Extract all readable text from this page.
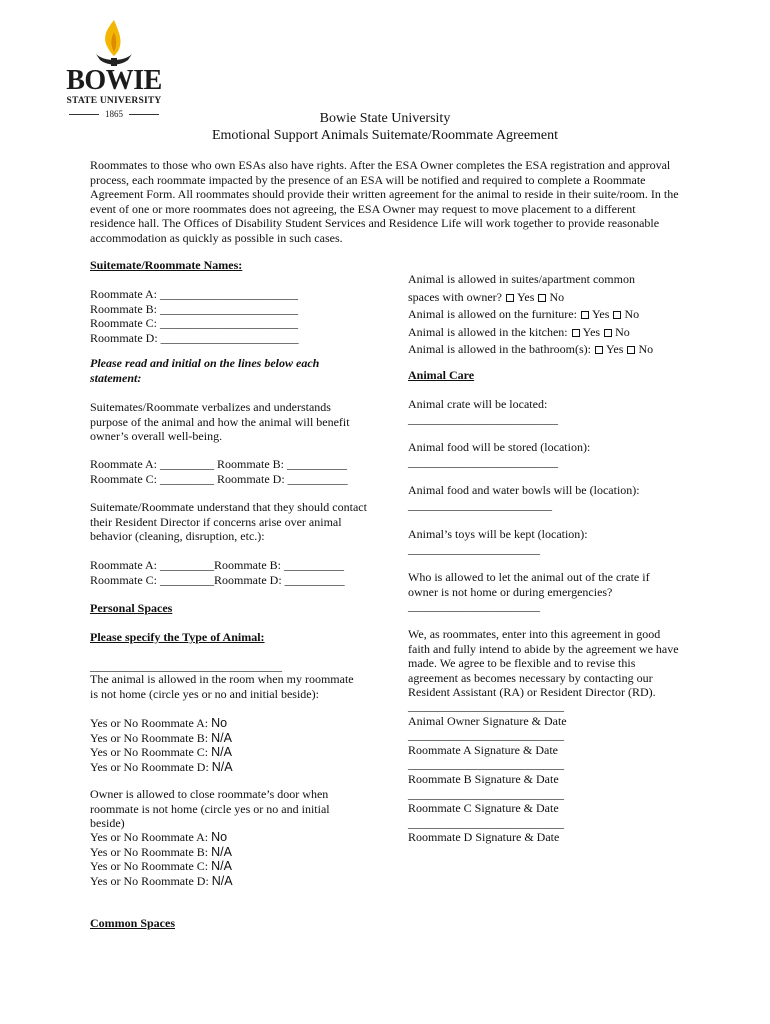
BOWIE
STATE UNIVERSITY
1865	Bowie State University
Emotional Support Animals Suitemate/Roommate Agreement
Roommates to those who own ESAs also have rights. After the ESA Owner completes the ESA registration and approval process, each roommate impacted by the presence of an ESA will be notified and required to complete a Roommate Agreement Form. All roommates should provide their written agreement for the animal to reside in their suite/room. In the event of one or more roommates does not agreeing, the ESA Owner may request to move placement to a different residence hall. The Offices of Disability Student Services and Residence Life will work together to provide reasonable accommodation as quickly as possible in such cases.
Suitemate/Roommate Names:
Roommate A: _______________________
Roommate B: _______________________
Roommate C: _______________________
Roommate D: _______________________
Please read and initial on the lines below each statement:
Suitemates/Roommate verbalizes and understands purpose of the animal and how the animal will benefit owner’s overall well-being.
Roommate A: _________ Roommate B: __________
Roommate C: _________ Roommate D: __________
Suitemate/Roommate understand that they should contact their Resident Director if concerns arise over animal behavior (cleaning, disruption, etc.):
Roommate A: _________Roommate B: __________
Roommate C: _________Roommate D: __________
Personal Spaces
Please specify the Type of Animal:
________________________________
The animal is allowed in the room when my roommate is not home (circle yes or no and initial beside):
Yes or No Roommate A: No
Yes or No Roommate B: N/A
Yes or No Roommate C: N/A
Yes or No Roommate D: N/A
Owner is allowed to close roommate’s door when roommate is not home (circle yes or no and initial beside)
Yes or No Roommate A: No
Yes or No Roommate B: N/A
Yes or No Roommate C: N/A
Yes or No Roommate D: N/A
Common Spaces
Animal is allowed in suites/apartment common
spaces with owner? Yes No
Animal is allowed on the furniture: Yes No
Animal is allowed in the kitchen: Yes No
Animal is allowed in the bathroom(s): Yes No
Animal Care
Animal crate will be located:
_________________________
Animal food will be stored (location):
_________________________
Animal food and water bowls will be (location):
________________________
Animal’s toys will be kept (location):
______________________
Who is allowed to let the animal out of the crate if owner is not home or during emergencies?
______________________
We, as roommates, enter into this agreement in good faith and fully intend to abide by the agreement we have made. We agree to be flexible and to revise this agreement as becomes necessary by contacting our Resident Assistant (RA) or Resident Director (RD).
__________________________
Animal Owner Signature & Date
__________________________
Roommate A Signature & Date
__________________________
Roommate B Signature & Date
__________________________
Roommate C Signature & Date
__________________________
Roommate D Signature & Date
